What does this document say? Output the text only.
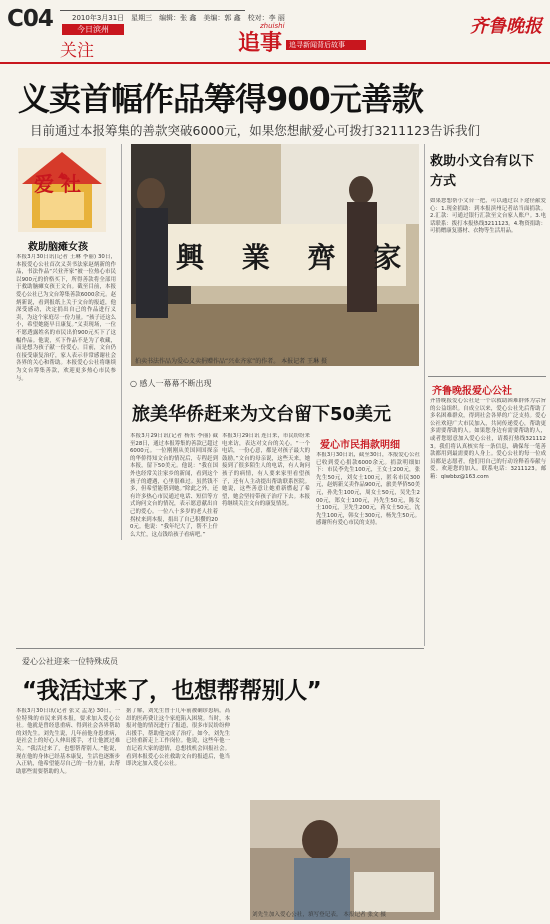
C04	2010年3月31日　星期三　编辑：张 鑫　美编：郭 鑫　校对：李 丽
今日滨州
关注
zhuishi
追事 追寻新闻背后故事
齐鲁晚报
义卖首幅作品筹得900元善款
目前通过本报筹集的善款突破6000元，如果您想献爱心可拨打3211123告诉我们
爱 社
救助脑瘫女孩
本报3月30日讯(记者 王琳 李丽) 30日，本报爱心公社首次义卖书法家赵炳新的作品，书法作品“兴业齐家”被一位热心市民以900元的价格买下，所得善款将全部用于救助脑瘫女孩王文台。截至目前，本报爱心公社已为文台筹集善款6000余元。赵炳新说，看到报纸上关于文台的报道，他深受感动，决定捐出自己的作品进行义卖，为这个家庭尽一份力量。“孩子还这么小，希望她能早日康复。”义卖现场，一位不愿透露姓名的市民出价900元买下了这幅作品。他说，买下作品不是为了收藏，而是想为孩子献一份爱心。目前，文台仍在接受康复治疗，家人表示非常感谢社会各界的关心和帮助。本报爱心公社将继续为文台筹集善款，欢迎更多热心市民参与。
興 業 齊 家
拍卖书法作品为爱心义卖捐赠作品“兴业齐家”的作者。 本报记者 王琳 摄
○ 感人一幕幕不断出现
旅美华侨赶来为文台留下50美元
本报3月29日讯(记者 杨东 李丽) 截至28日，通过本报筹集的善款已超过6000元。一位刚刚从美国回国探亲的华侨得知文台的情况后，专程赶到本报，留下50美元。他说：“我在国外也经常关注家乡的新闻，看到这个孩子的遭遇，心里很难过。虽然钱不多，但希望能帮到她。”除此之外，还有许多热心市民通过电话、短信等方式询问文台的情况，表示愿意献出自己的爱心。一位八十多岁的老人拄着拐杖来到本报，捐出了自己积攒的200元。他说：“我年纪大了，帮不上什么大忙，这点钱给孩子看病吧。”
本报3月29日讯 连日来，市民纷纷来电来访，表达对文台的关心。“一个电话，一份心意，都是对孩子最大的鼓励。”文台的母亲说，这些天来，她接到了很多陌生人的电话，有人询问孩子的病情，有人要来家里看望孩子，还有人主动提出帮助联系医院。她说，这些善意让她重新燃起了希望，她会坚持带孩子治疗下去。本报将继续关注文台的康复情况。
爱心市民捐款明细
本报3月30日讯，截至30日，本报爱心公社已收到爱心捐款6000余元。捐款明细如下：市民李先生100元，王女士200元，张先生50元，刘女士100元，匿名市民300元，赵炳新义卖作品900元，旅美华侨50美元，孙先生100元，周女士50元，吴先生200元，郑女士100元，冯先生50元，陈女士100元，卫先生200元，蒋女士50元，沈先生100元，韩女士300元，杨先生50元。感谢所有爱心市民的支持。
救助小文台有以下方式
如果您想帮小文台一把，可以通过以下途径献爱心：1.现金捐助：到本报滨州记者站当面捐款。2.汇款：可通过银行汇款至文台家人账户。3.电话联系：拨打本报热线3211123。4.物资捐助：可捐赠康复器材、衣物等生活用品。
齐鲁晚报爱心公社
齐鲁晚报爱心公社是一个以救助困难群体为宗旨的公益组织。自成立以来，爱心公社先后帮助了多名困难群众，得到社会各界的广泛支持。爱心公社欢迎广大市民加入，共同传递爱心，帮助更多需要帮助的人。如果您身边有需要帮助的人，或者您愿意加入爱心公社，请拨打热线3211123。我们将认真核实每一条信息，确保每一笔善款都用到最需要的人身上。爱心公社的每一位成员都是志愿者，他们用自己的行动诠释着奉献与爱。欢迎您的加入。联系电话：3211123。邮箱：qlwbbz@163.com
爱心公社迎来一位特殊成员
“我活过来了，也想帮帮别人”
本报3月30日讯(记者 张文 孟龙) 30日，一位特殊的市民来到本报，要求加入爱心公社。他就是曾经患重病、得到社会各界帮助的刘先生。刘先生说，几年前他身患重病，是社会上的好心人伸出援手，才让他渡过难关。“我活过来了，也想帮帮别人。”他说，现在他的身体已经基本康复，生活也逐渐步入正轨，他希望能尽自己的一份力量，去帮助那些需要帮助的人。
据了解，刘先生曾于几年前被确诊患病，高昂的医药费让这个家庭陷入困境。当时，本报对他的情况进行了报道，很多市民纷纷伸出援手，帮助他完成了治疗。如今，刘先生已经重新走上工作岗位。他说，这些年他一直记着大家的恩情，总想找机会回报社会。看到本报爱心公社救助文台的报道后，他当即决定加入爱心公社。
刘先生加入爱心公社，填写登记表。 本报记者 张文 摄
